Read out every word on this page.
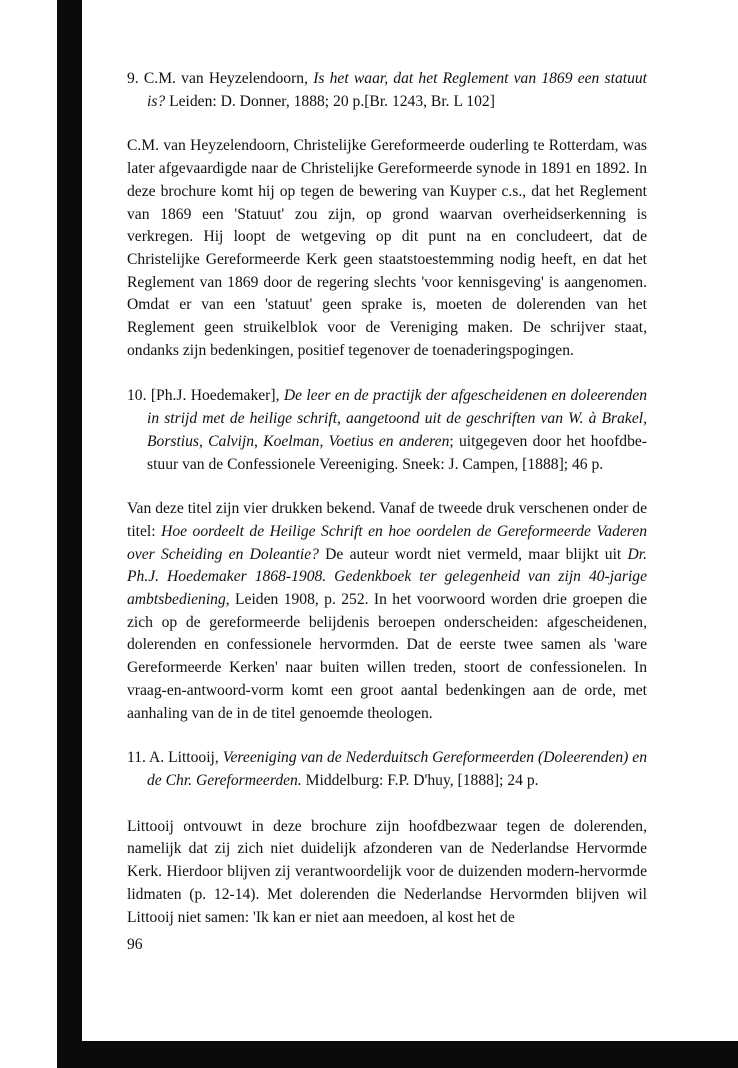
9. C.M. van Heyzelendoorn, Is het waar, dat het Reglement van 1869 een statuut is? Leiden: D. Donner, 1888; 20 p.[Br. 1243, Br. L 102]

C.M. van Heyzelendoorn, Christelijke Gereformeerde ouderling te Rotterdam, was later afgevaardigde naar de Christelijke Gereformeerde synode in 1891 en 1892. In deze brochure komt hij op tegen de bewering van Kuyper c.s., dat het Reglement van 1869 een 'Statuut' zou zijn, op grond waarvan overheidserkenning is verkregen. Hij loopt de wetgeving op dit punt na en concludeert, dat de Christelijke Gereformeerde Kerk geen staatstoestemming nodig heeft, en dat het Reglement van 1869 door de regering slechts 'voor kennisgeving' is aangenomen. Omdat er van een 'statuut' geen sprake is, moeten de dolerenden van het Reglement geen struikelblok voor de Vereniging maken. De schrijver staat, ondanks zijn bedenkingen, positief tegenover de toenaderingspogingen.

10. [Ph.J. Hoedemaker], De leer en de practijk der afgescheidenen en doleerenden in strijd met de heilige schrift, aangetoond uit de geschriften van W. à Brakel, Borstius, Calvijn, Koelman, Voetius en anderen; uitgegeven door het hoofdbestuur van de Confessionele Vereeniging. Sneek: J. Campen, [1888]; 46 p.

Van deze titel zijn vier drukken bekend. Vanaf de tweede druk verschenen onder de titel: Hoe oordeelt de Heilige Schrift en hoe oordelen de Gereformeerde Vaderen over Scheiding en Doleantie? De auteur wordt niet vermeld, maar blijkt uit Dr. Ph.J. Hoedemaker 1868-1908. Gedenkboek ter gelegenheid van zijn 40-jarige ambtsbediening, Leiden 1908, p. 252. In het voorwoord worden drie groepen die zich op de gereformeerde belijdenis beroepen onderscheiden: afgescheidenen, dolerenden en confessionele hervormden. Dat de eerste twee samen als 'ware Gereformeerde Kerken' naar buiten willen treden, stoort de confessionelen. In vraag-en-antwoord-vorm komt een groot aantal bedenkingen aan de orde, met aanhaling van de in de titel genoemde theologen.

11. A. Littooij, Vereeniging van de Nederduitsch Gereformeerden (Doleerenden) en de Chr. Gereformeerden. Middelburg: F.P. D'huy, [1888]; 24 p.

Littooij ontvouwt in deze brochure zijn hoofdbezwaar tegen de dolerenden, namelijk dat zij zich niet duidelijk afzonderen van de Nederlandse Hervormde Kerk. Hierdoor blijven zij verantwoordelijk voor de duizenden modern-hervormde lidmaten (p. 12-14). Met dolerenden die Nederlandse Hervormden blijven wil Littooij niet samen: 'Ik kan er niet aan meedoen, al kost het de

96
